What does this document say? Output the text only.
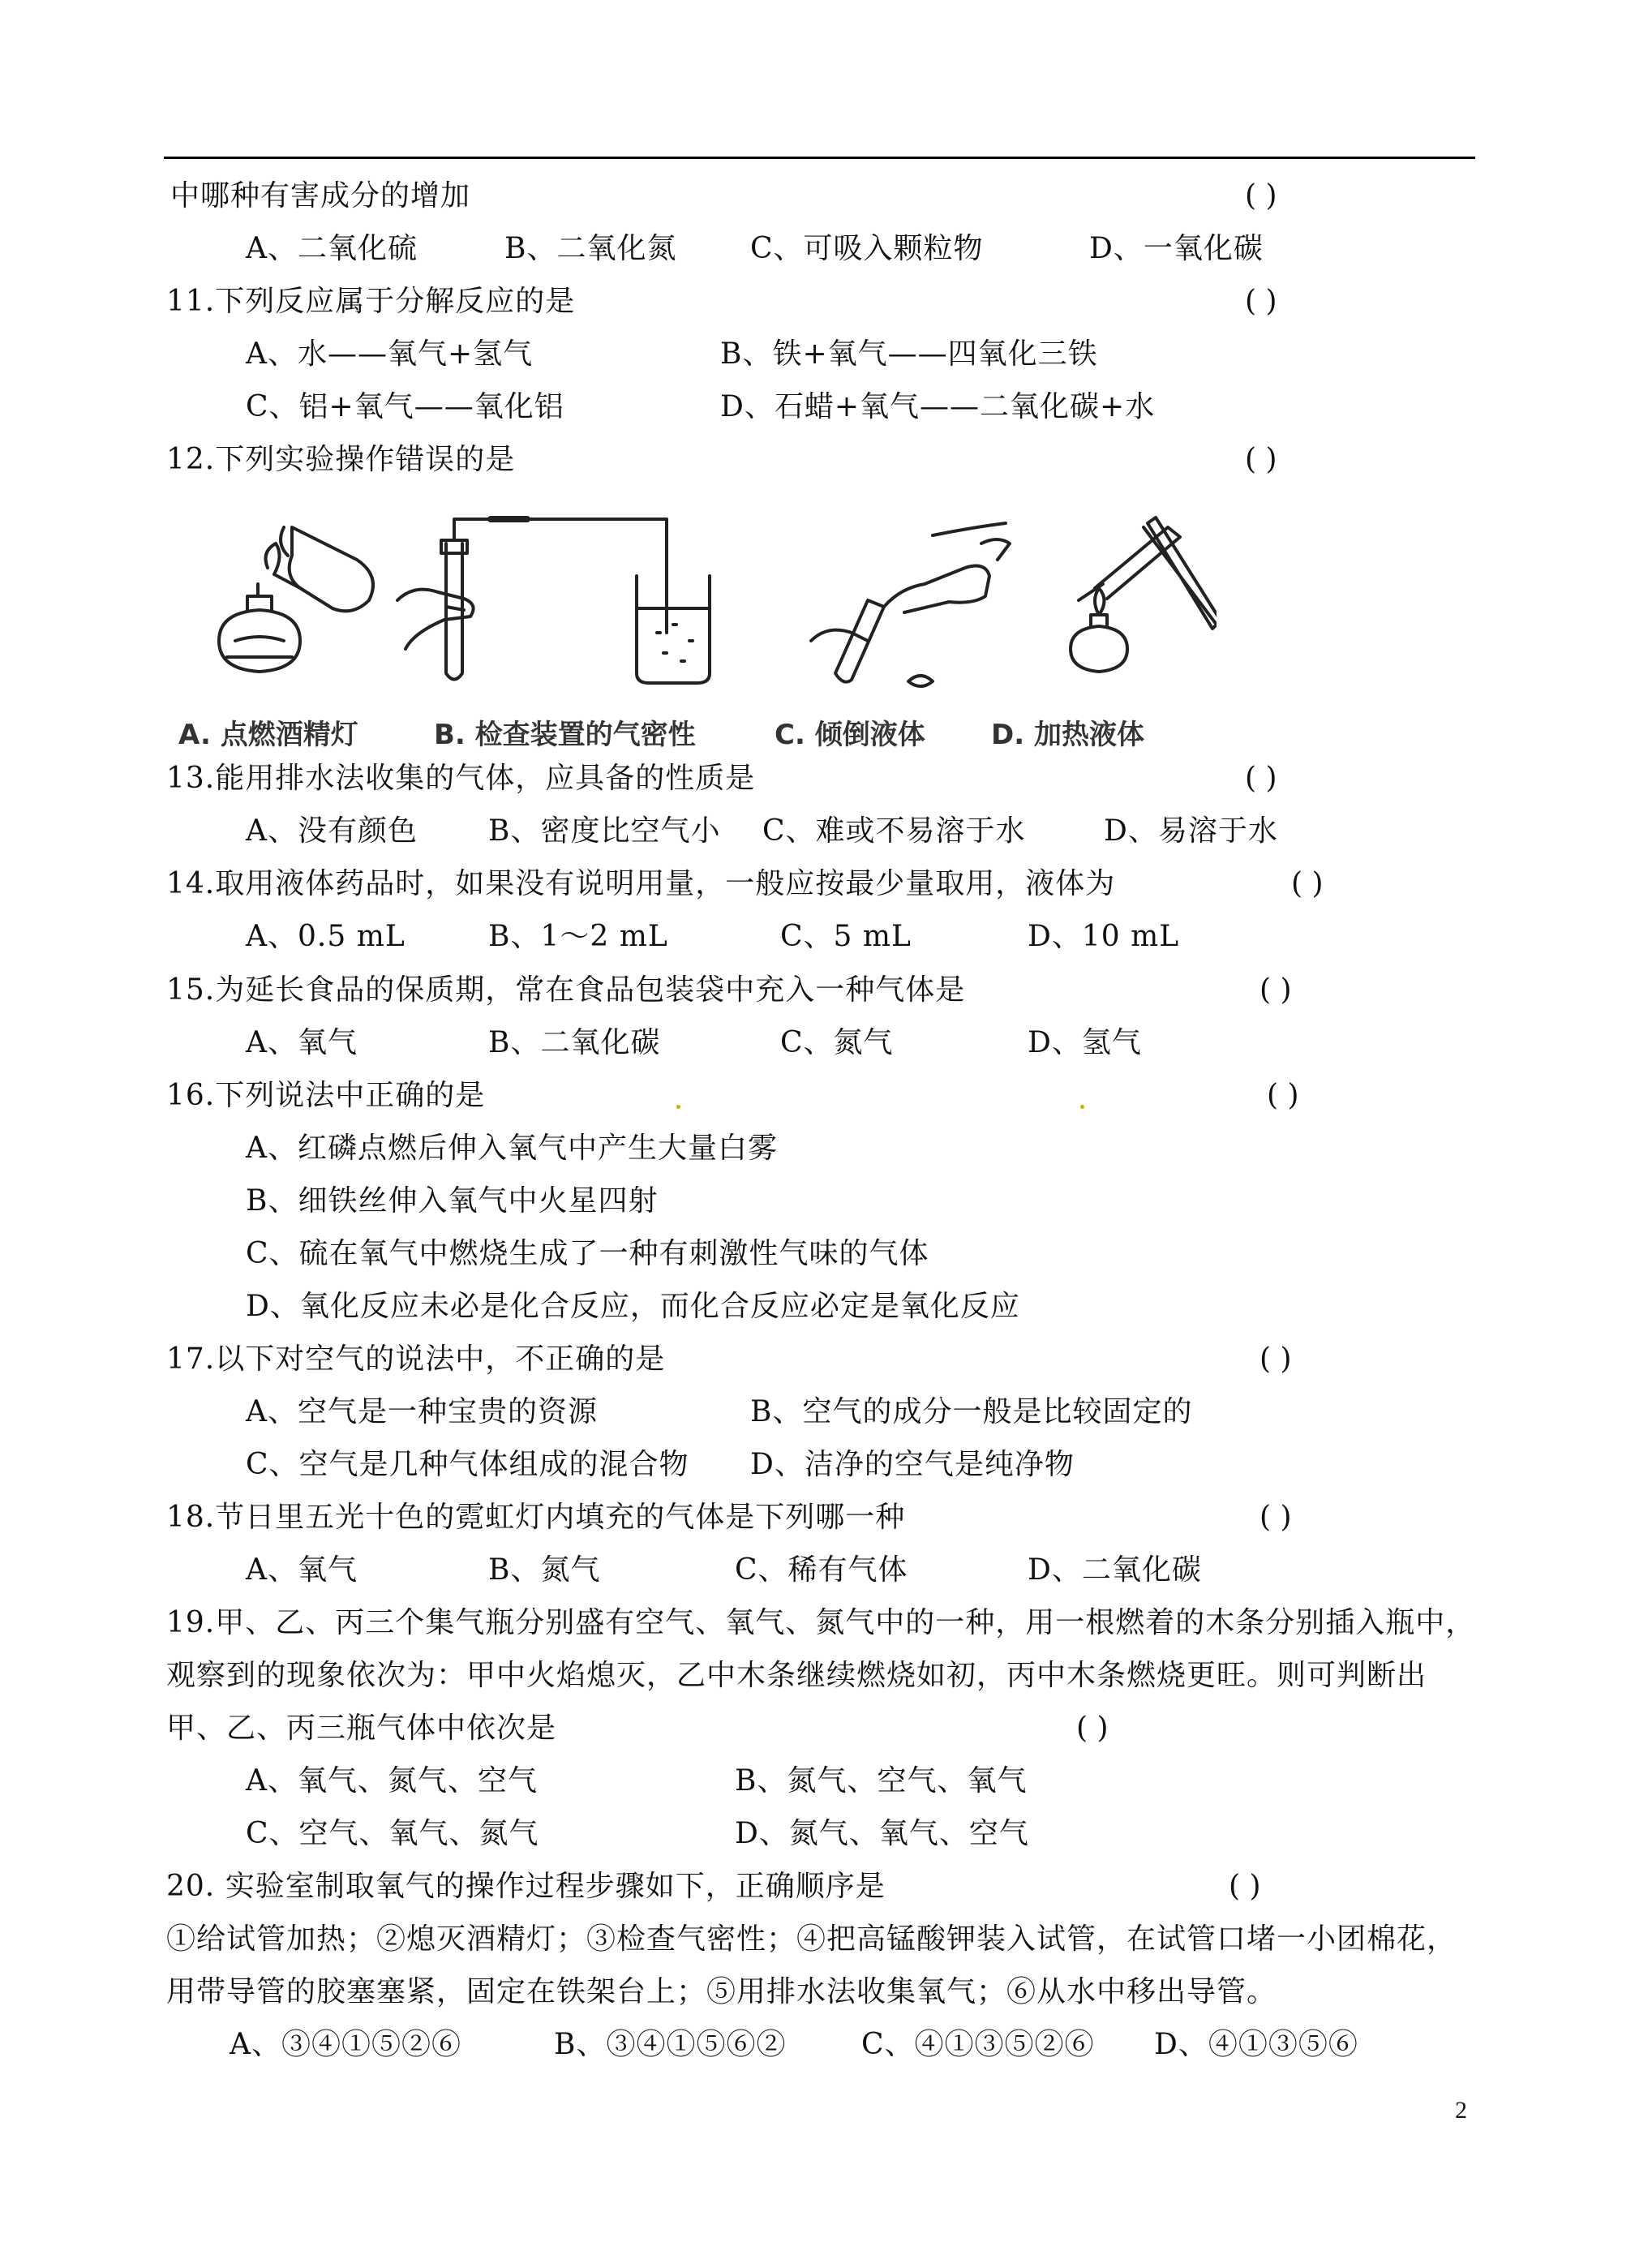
中哪种有害成分的增加	( )
A、二氧化硫	B、二氧化氮	C、可吸入颗粒物	D、一氧化碳
11.下列反应属于分解反应的是	( )
A、水——氧气+氢气	B、铁+氧气——四氧化三铁
C、铝+氧气——氧化铝	D、石蜡+氧气——二氧化碳+水
12.下列实验操作错误的是	( )
A. 点燃酒精灯	B. 检查装置的气密性	C. 倾倒液体 D. 加热液体
13.能用排水法收集的气体，应具备的性质是	( )
A、没有颜色 B、密度比空气小 C、难或不易溶于水	D、易溶于水
14.取用液体药品时，如果没有说明用量，一般应按最少量取用，液体为	( )
A、0.5 mL	B、1～2 mL	C、5 mL	D、10 mL
15.为延长食品的保质期，常在食品包装袋中充入一种气体是	( )
A、氧气	B、二氧化碳	C、氮气	D、氢气
16.下列说法中正确的是	( )
A、红磷点燃后伸入氧气中产生大量白雾
B、细铁丝伸入氧气中火星四射
C、硫在氧气中燃烧生成了一种有刺激性气味的气体
D、氧化反应未必是化合反应，而化合反应必定是氧化反应
17.以下对空气的说法中，不正确的是	( )
A、空气是一种宝贵的资源	B、空气的成分一般是比较固定的
C、空气是几种气体组成的混合物 D、洁净的空气是纯净物
18.节日里五光十色的霓虹灯内填充的气体是下列哪一种	( )
A、氧气	B、氮气	C、稀有气体	D、二氧化碳
19.甲、乙、丙三个集气瓶分别盛有空气、氧气、氮气中的一种，用一根燃着的木条分别插入瓶中，
观察到的现象依次为：甲中火焰熄灭，乙中木条继续燃烧如初，丙中木条燃烧更旺。则可判断出
甲、乙、丙三瓶气体中依次是	( )
A、氧气、氮气、空气	B、氮气、空气、氧气
C、空气、氧气、氮气	D、氮气、氧气、空气
20. 实验室制取氧气的操作过程步骤如下，正确顺序是	( )
①给试管加热；②熄灭酒精灯；③检查气密性；④把高锰酸钾装入试管，在试管口堵一小团棉花，
用带导管的胶塞塞紧，固定在铁架台上；⑤用排水法收集氧气；⑥从水中移出导管。
A、③④①⑤②⑥	B、③④①⑤⑥②	C、④①③⑤②⑥ D、④①③⑤⑥
2
